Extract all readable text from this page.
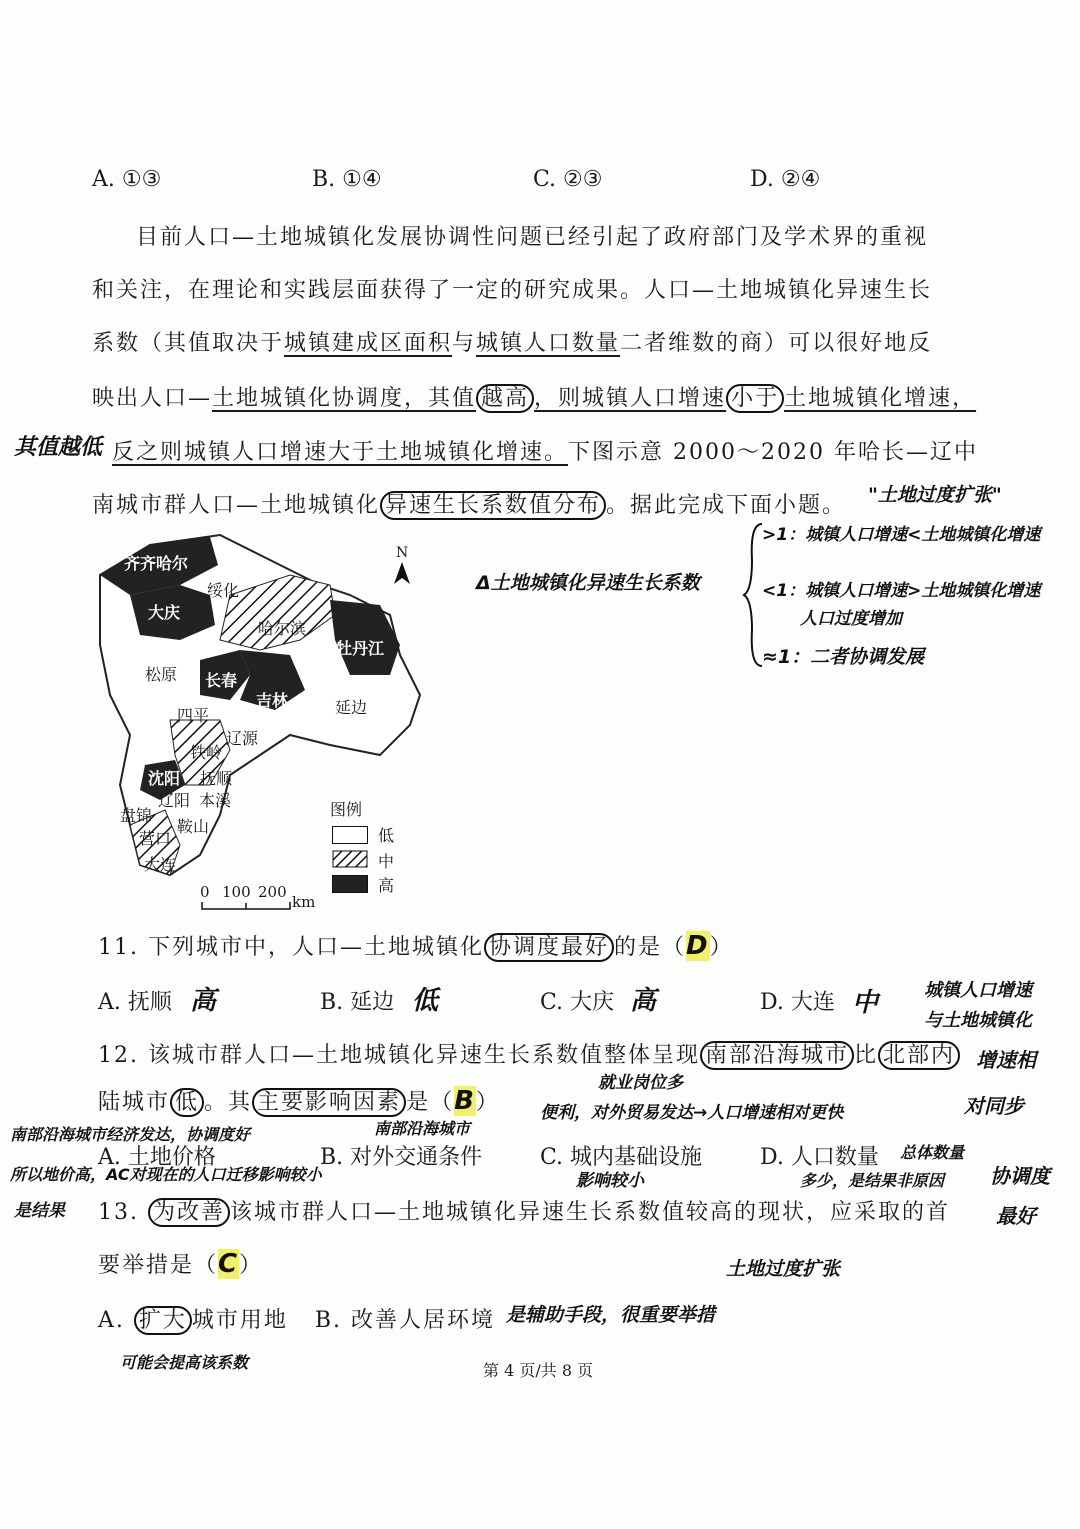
A. ①③	B. ①④	C. ②③	D. ②④
目前人口—土地城镇化发展协调性问题已经引起了政府部门及学术界的重视
和关注，在理论和实践层面获得了一定的研究成果。人口—土地城镇化异速生长
系数（其值取决于城镇建成区面积与城镇人口数量二者维数的商）可以很好地反
映出人口—土地城镇化协调度，其值 越高 ，则城镇人口增速 小于 土地城镇化增速，
反之则城镇人口增速大于土地城镇化增速。下图示意 2000～2020 年哈长—辽中
南城市群人口—土地城镇化 异速生长系数值分布 。据此完成下面小题。
其值越低
"土地过度扩张"
Δ土地城镇化异速生长系数
>1：城镇人口增速<土地城镇化增速
<1：城镇人口增速>土地城镇化增速
人口过度增加
≈1：二者协调发展
齐齐哈尔
绥化
大庆
哈尔滨
牡丹江
松原 长春
吉林	延边
四平
辽源
铁岭
沈阳 抚顺
辽阳 本溪
盘锦
鞍山
营口
大连
N
图例
低
中
高
0 100 200
km
11. 下列城市中，人口—土地城镇化 协调度最好 的是（D）
A. 抚顺 高	B. 延边 低	C. 大庆 高	D. 大连 中	城镇人口增速
与土地城镇化
12. 该城市群人口—土地城镇化异速生长系数值整体呈现 南部沿海城市 比 北部内 增速相
陆城市 低 。其 主要影响因素 是（B）	对同步
协调度
最好
就业岗位多
便利，对外贸易发达→人口增速相对更快
南部沿海城市
南部沿海城市经济发达，协调度好
所以地价高，AC对现在的人口迁移影响较小
是结果
A. 土地价格	B. 对外交通条件	C. 城内基础设施
影响较小
D. 人口数量 总体数量
多少，是结果非原因
13. 为改善 该城市群人口—土地城镇化异速生长系数值较高的现状，应采取的首
要举措是（C）	土地过度扩张
A. 扩大 城市用地 B. 改善人居环境 是辅助手段，很重要举措
可能会提高该系数	第 4 页/共 8 页
